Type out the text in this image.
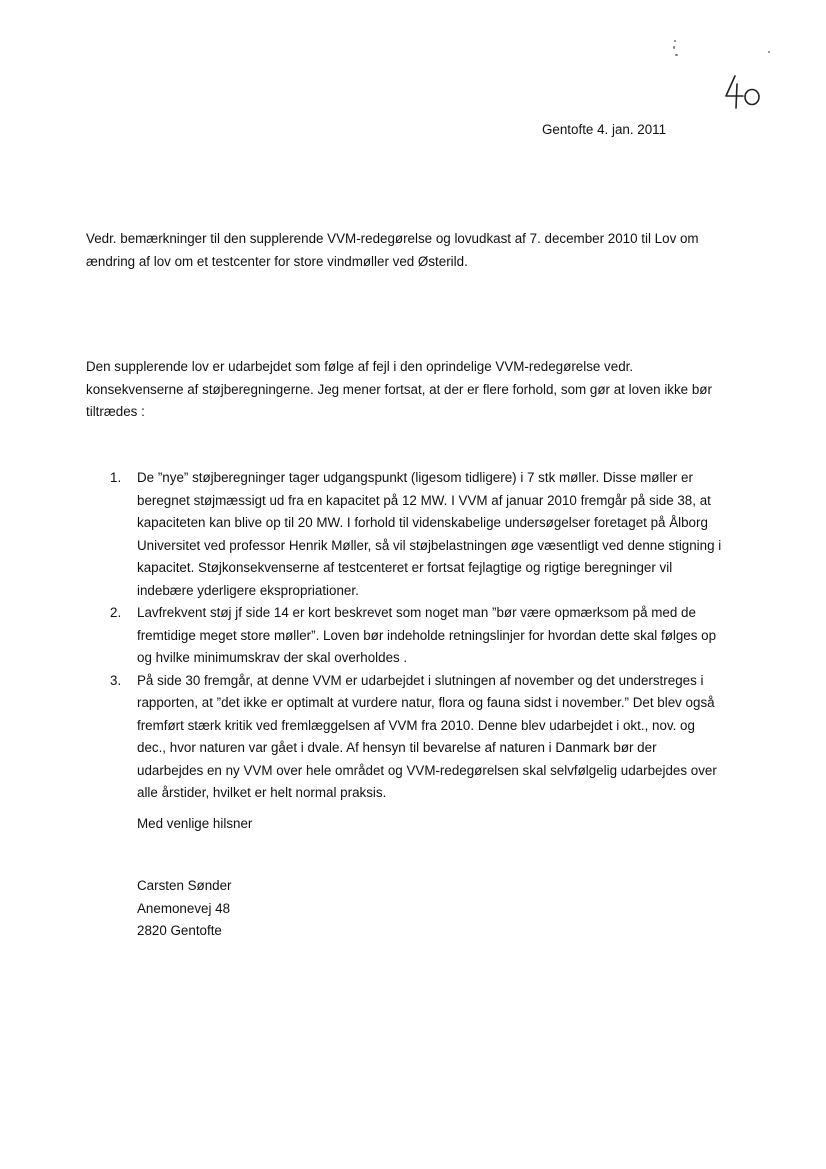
Gentofte 4. jan. 2011
Vedr. bemærkninger til den supplerende VVM-redegørelse og lovudkast af 7. december 2010 til Lov om
ændring af lov om et testcenter for store vindmøller ved Østerild.
Den supplerende lov er udarbejdet som følge af fejl i den oprindelige VVM-redegørelse vedr.
konsekvenserne af støjberegningerne. Jeg mener fortsat, at der er flere forhold, som gør at loven ikke bør
tiltrædes :
1. De ”nye” støjberegninger tager udgangspunkt (ligesom tidligere) i 7 stk møller. Disse møller er
beregnet støjmæssigt ud fra en kapacitet på 12 MW. I VVM af januar 2010 fremgår på side 38, at
kapaciteten kan blive op til 20 MW. I forhold til videnskabelige undersøgelser foretaget på Ålborg
Universitet ved professor Henrik Møller, så vil støjbelastningen øge væsentligt ved denne stigning i
kapacitet. Støjkonsekvenserne af testcenteret er fortsat fejlagtige og rigtige beregninger vil
indebære yderligere ekspropriationer.
2. Lavfrekvent støj jf side 14 er kort beskrevet som noget man ”bør være opmærksom på med de
fremtidige meget store møller”. Loven bør indeholde retningslinjer for hvordan dette skal følges op
og hvilke minimumskrav der skal overholdes .
3. På side 30 fremgår, at denne VVM er udarbejdet i slutningen af november og det understreges i
rapporten, at ”det ikke er optimalt at vurdere natur, flora og fauna sidst i november.” Det blev også
fremført stærk kritik ved fremlæggelsen af VVM fra 2010. Denne blev udarbejdet i okt., nov. og
dec., hvor naturen var gået i dvale. Af hensyn til bevarelse af naturen i Danmark bør der
udarbejdes en ny VVM over hele området og VVM-redegørelsen skal selvfølgelig udarbejdes over
alle årstider, hvilket er helt normal praksis.
Med venlige hilsner
Carsten Sønder
Anemonevej 48
2820 Gentofte
